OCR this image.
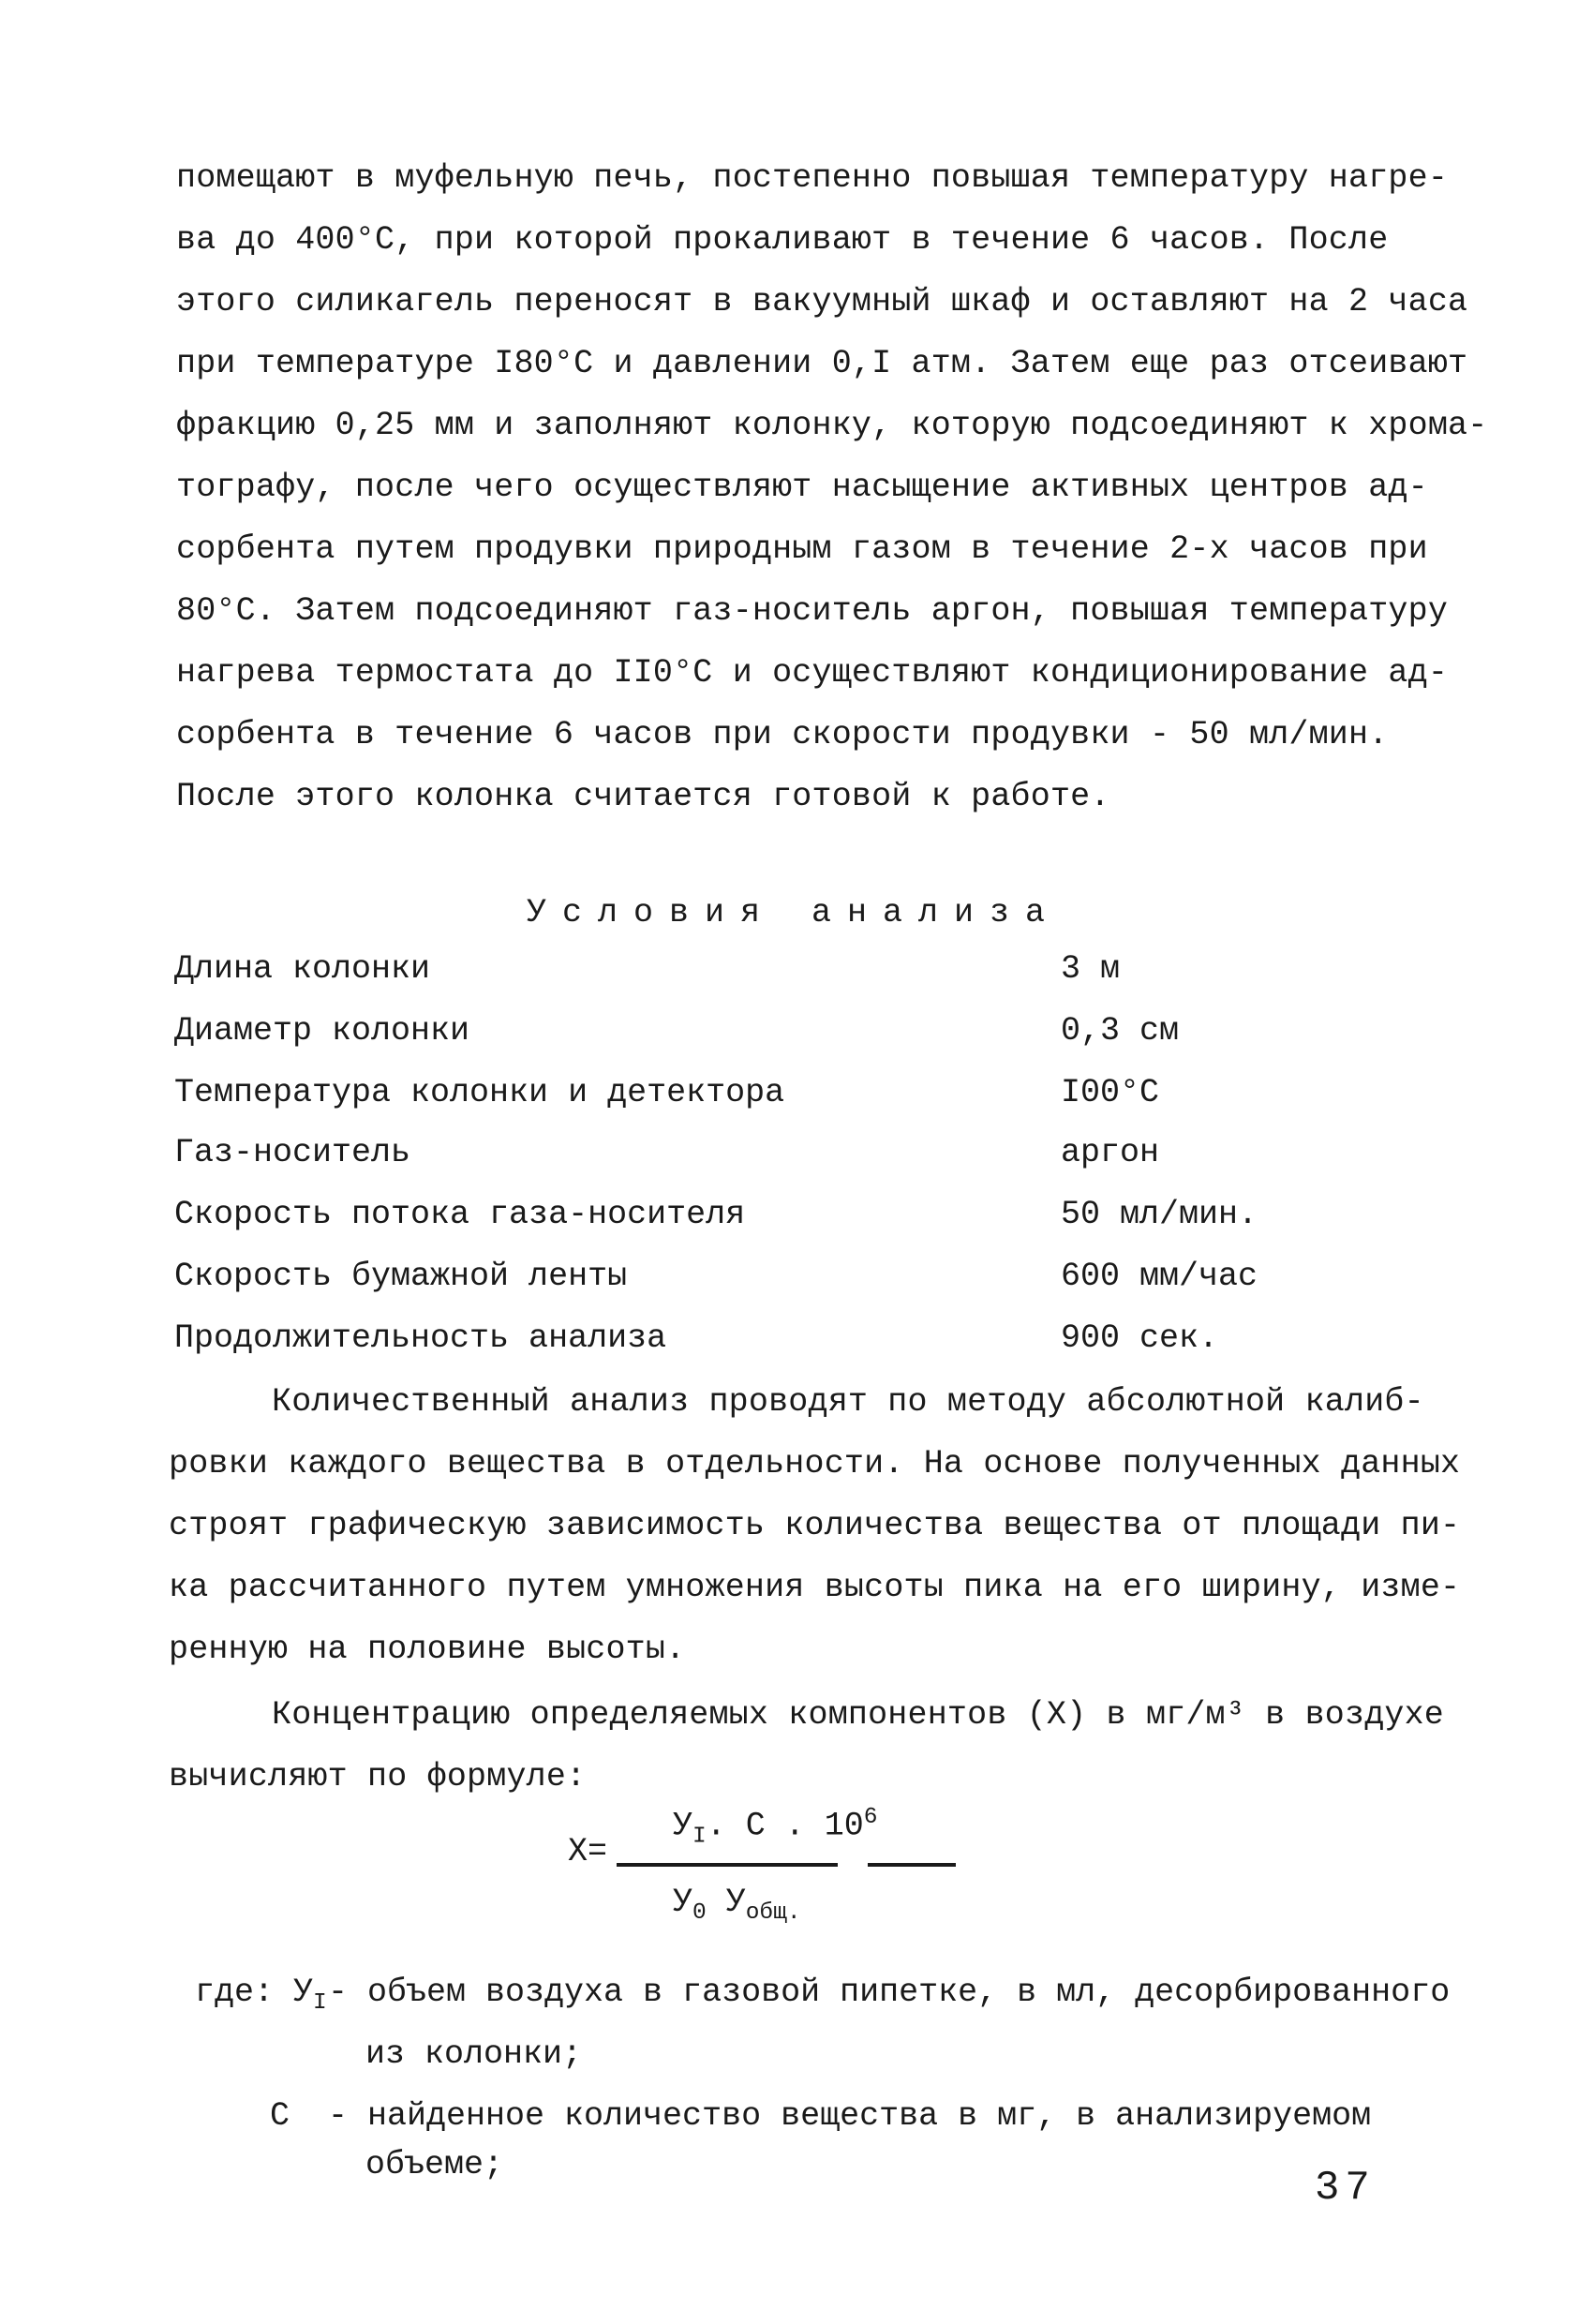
помещают в муфельную печь, постепенно повышая температуру нагре-
ва до 400°С, при которой прокаливают в течение 6 часов. После
этого силикагель переносят в вакуумный шкаф и оставляют на 2 часа
при температуре I80°С и давлении 0,I атм. Затем еще раз отсеивают
фракцию 0,25 мм и заполняют колонку, которую подсоединяют к хрома-
тографу, после чего осуществляют насыщение активных центров ад-
сорбента путем продувки природным газом в течение 2-х часов при
80°С. Затем подсоединяют газ-носитель аргон, повышая температуру
нагрева термостата до II0°С и осуществляют кондиционирование ад-
Условия анализа
Длина колонки	3 м
Диаметр колонки	0,3 см
Температура колонки и детектора	I00°С
Газ-носитель	аргон
Скорость потока газа-носителя	50 мл/мин.
Скорость бумажной ленты	600 мм/час
Продолжительность анализа	900 сек.
Количественный анализ проводят по методу абсолютной калиб-
ровки каждого вещества в отдельности. На основе полученных данных
строят графическую зависимость количества вещества от площади пи-
ка рассчитанного путем умножения высоты пика на его ширину, изме-
ренную на половине высоты.
Концентрацию определяемых компонентов (X) в мг/м³ в воздухе
вычисляют по формуле:
X=
$У_I$. С . $10^6$
$У_0$ $У_{общ.}$
где: $У_I$ - объем воздуха в газовой пипетке, в мл, десорбированного
из колонки;
С - найденное количество вещества в мг, в анализируемом
объеме;	37
сорбента в течение 6 часов при скорости продувки - 50 мл/мин.
После этого колонка считается готовой к работе.
